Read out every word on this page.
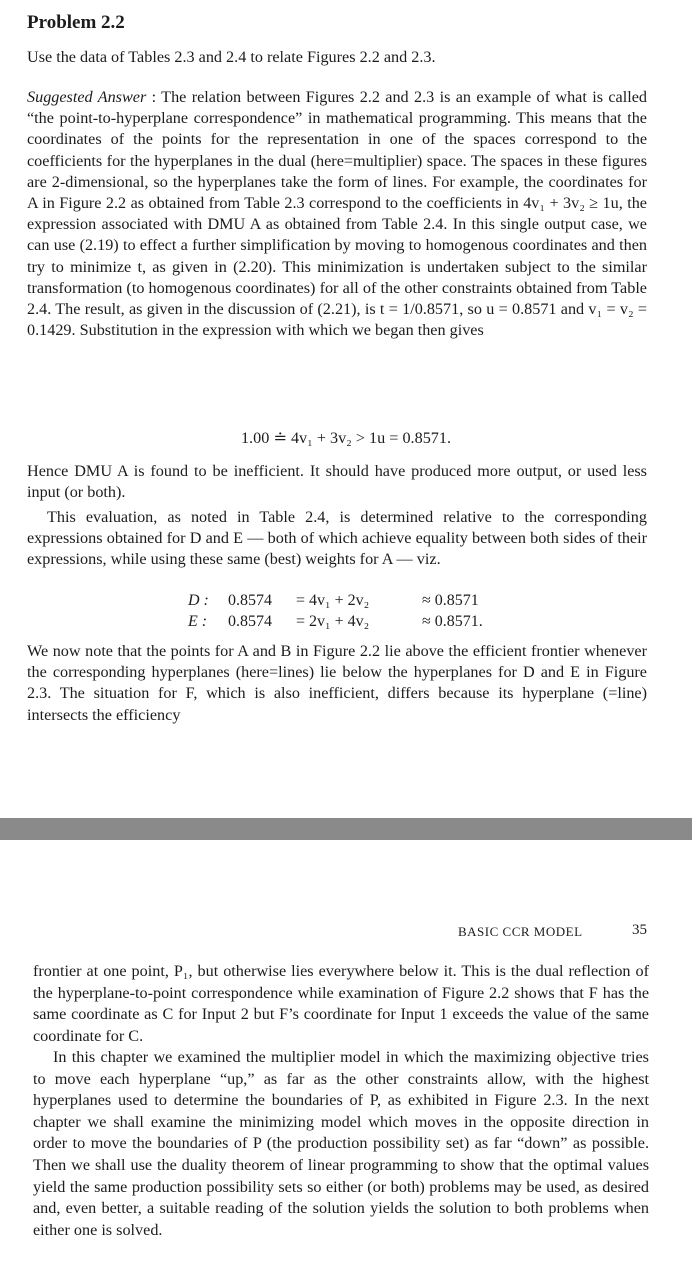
Problem 2.2

Use the data of Tables 2.3 and 2.4 to relate Figures 2.2 and 2.3.

Suggested Answer : The relation between Figures 2.2 and 2.3 is an example of what is called “the point-to-hyperplane correspondence” in mathematical programming. This means that the coordinates of the points for the representation in one of the spaces correspond to the coefficients for the hyperplanes in the dual (here=multiplier) space. The spaces in these figures are 2-dimensional, so the hyperplanes take the form of lines. For example, the coordinates for A in Figure 2.2 as obtained from Table 2.3 correspond to the coefficients in 4v₁ + 3v₂ ≥ 1u, the expression associated with DMU A as obtained from Table 2.4. In this single output case, we can use (2.19) to effect a further simplification by moving to homogenous coordinates and then try to minimize t, as given in (2.20). This minimization is undertaken subject to the similar transformation (to homogenous coordinates) for all of the other constraints obtained from Table 2.4. The result, as given in the discussion of (2.21), is t = 1/0.8571, so u = 0.8571 and v₁ = v₂ = 0.1429. Substitution in the expression with which we began then gives

1.00 ≐ 4v₁ + 3v₂ > 1u = 0.8571.

Hence DMU A is found to be inefficient. It should have produced more output, or used less input (or both).

This evaluation, as noted in Table 2.4, is determined relative to the corresponding expressions obtained for D and E — both of which achieve equality between both sides of their expressions, while using these same (best) weights for A — viz.

D : 0.8574 = 4v₁ + 2v₂	≈ 0.8571
E : 0.8574 = 2v₁ + 4v₂	≈ 0.8571.

We now note that the points for A and B in Figure 2.2 lie above the efficient frontier whenever the corresponding hyperplanes (here=lines) lie below the hyperplanes for D and E in Figure 2.3. The situation for F, which is also inefficient, differs because its hyperplane (=line) intersects the efficiency

BASIC CCR MODEL	35

frontier at one point, P₁, but otherwise lies everywhere below it. This is the dual reflection of the hyperplane-to-point correspondence while examination of Figure 2.2 shows that F has the same coordinate as C for Input 2 but F’s coordinate for Input 1 exceeds the value of the same coordinate for C.

In this chapter we examined the multiplier model in which the maximizing objective tries to move each hyperplane “up,” as far as the other constraints allow, with the highest hyperplanes used to determine the boundaries of P, as exhibited in Figure 2.3. In the next chapter we shall examine the minimizing model which moves in the opposite direction in order to move the boundaries of P (the production possibility set) as far “down” as possible. Then we shall use the duality theorem of linear programming to show that the optimal values yield the same production possibility sets so either (or both) problems may be used, as desired and, even better, a suitable reading of the solution yields the solution to both problems when either one is solved.
